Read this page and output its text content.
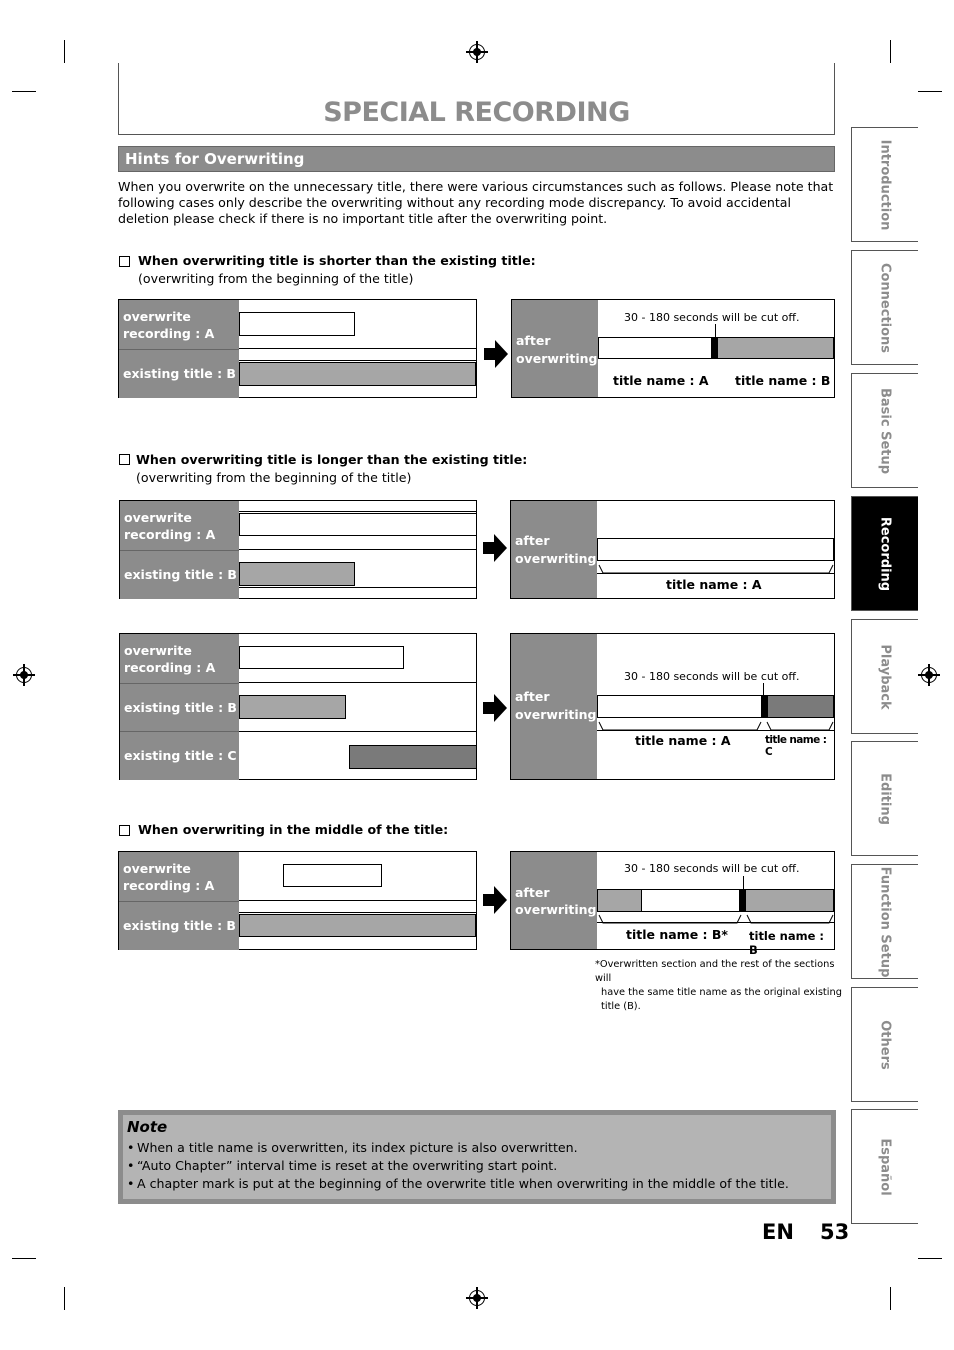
SPECIAL RECORDING
Hints for Overwriting
When you overwrite on the unnecessary title, there were various circumstances such as follows. Please note that following cases only describe the overwriting without any recording mode discrepancy. To avoid accidental deletion please check if there is no important title after the overwriting point.
When overwriting title is shorter than the existing title:
(overwriting from the beginning of the title)
overwrite
recording : A
existing title : B
after
overwriting
30 - 180 seconds will be cut off.
title name : A title name : B
When overwriting title is longer than the existing title:
(overwriting from the beginning of the title)
overwrite
recording : A
existing title : B
after
overwriting
title name : A
overwrite
recording : A
existing title : B
existing title : C
after
overwriting
30 - 180 seconds will be cut off.
title name : A	title name : C
When overwriting in the middle of the title:
overwrite
recording : A
existing title : B
after
overwriting
30 - 180 seconds will be cut off.
title name : B* title name : B
*Overwritten section and the rest of the sections will
have the same title name as the original existing
title (B).
Note
• When a title name is overwritten, its index picture is also overwritten.
• “Auto Chapter” interval time is reset at the overwriting start point.
• A chapter mark is put at the beginning of the overwrite title when overwriting in the middle of the title.
Introduction
Connections
Basic Setup
Recording
Playback
Editing
Function Setup
Others
Español
EN 53
